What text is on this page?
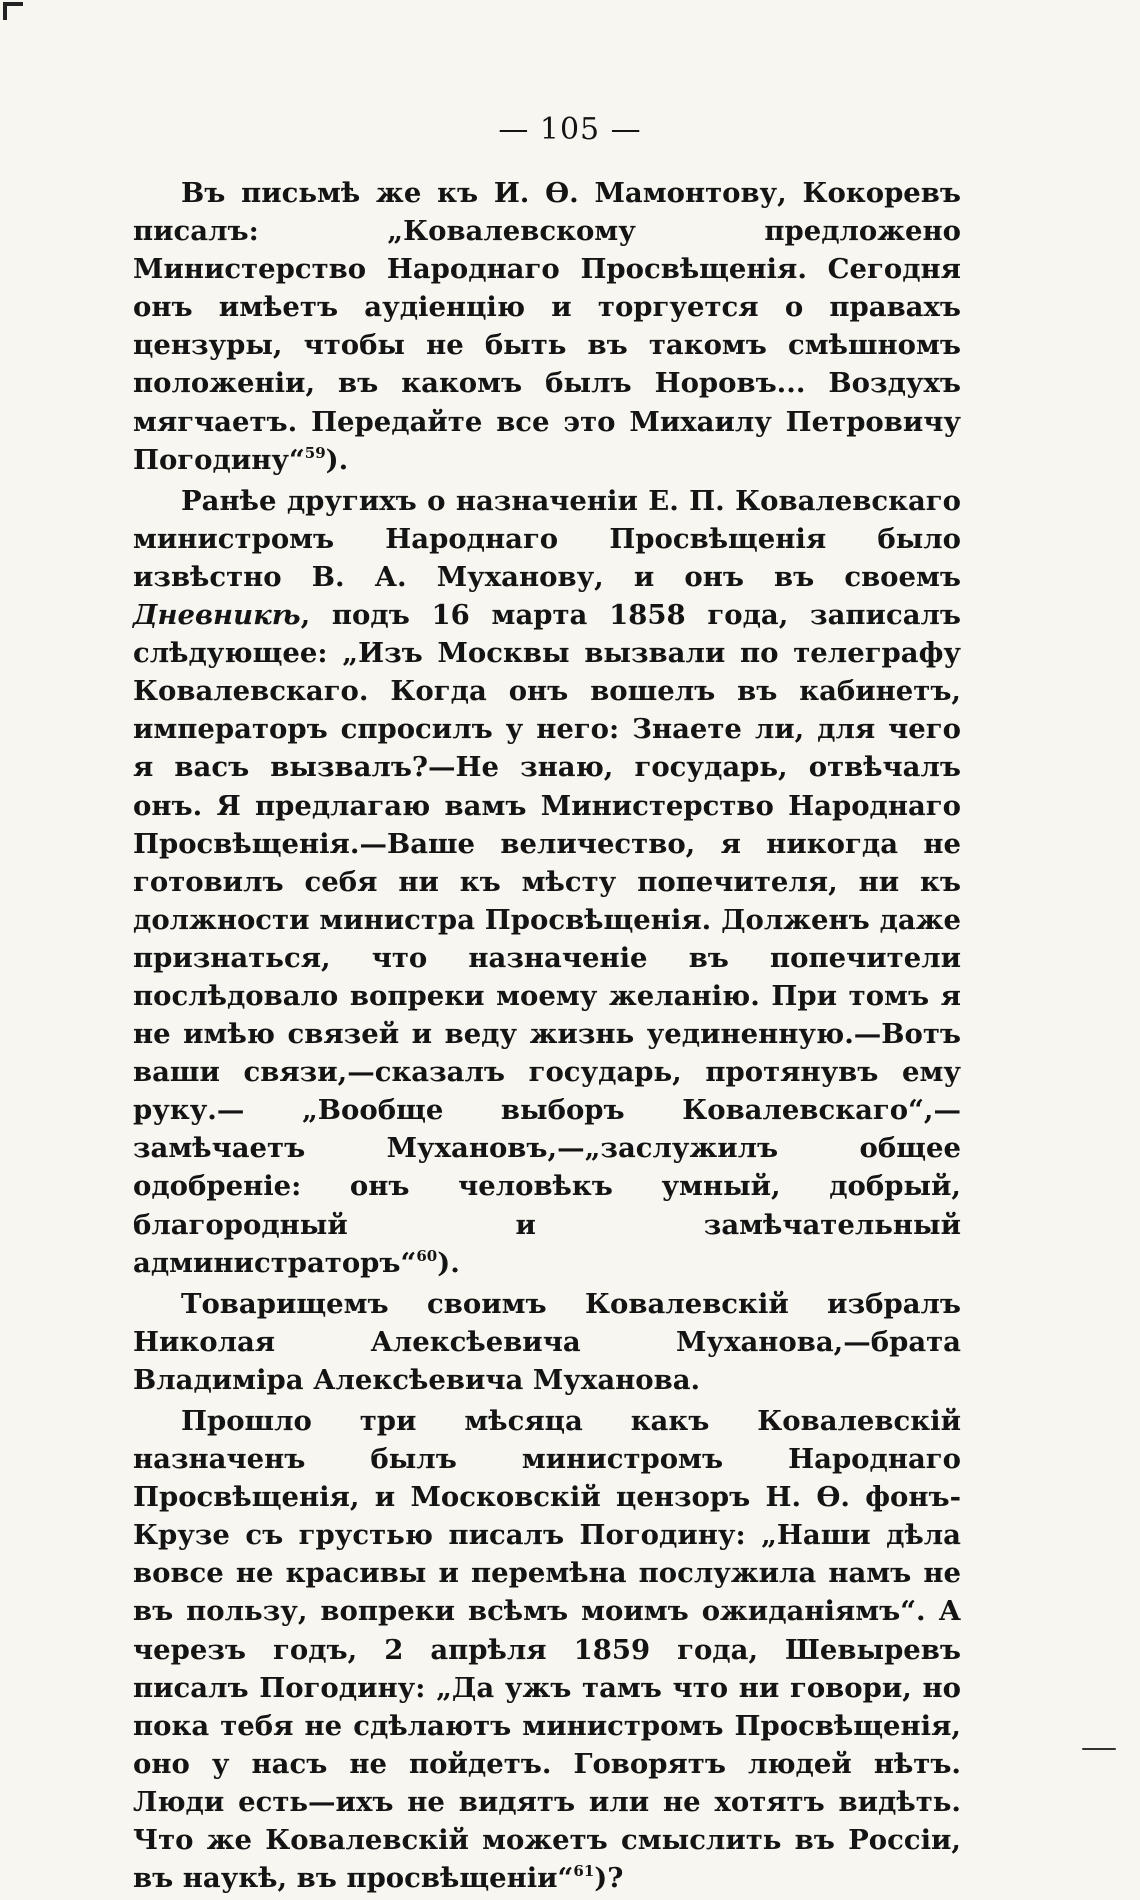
— 105 —

Въ письмѣ же къ И. Ѳ. Мамонтову, Кокоревъ писалъ: „Ковалевскому предложено Министерство Народнаго Просвѣщенія. Сегодня онъ имѣетъ аудіенцію и торгуется о правахъ цензуры, чтобы не быть въ такомъ смѣшномъ положеніи, въ какомъ былъ Норовъ... Воздухъ мягчаетъ. Передайте все это Михаилу Петровичу Погодину“$^{59}$).

Ранѣе другихъ о назначеніи Е. П. Ковалевскаго министромъ Народнаго Просвѣщенія было извѣстно В. А. Муханову, и онъ въ своемъ Дневникѣ, подъ 16 марта 1858 года, записалъ слѣдующее: „Изъ Москвы вызвали по телеграфу Ковалевскаго. Когда онъ вошелъ въ кабинетъ, императоръ спросилъ у него: Знаете ли, для чего я васъ вызвалъ?—Не знаю, государь, отвѣчалъ онъ. Я предлагаю вамъ Министерство Народнаго Просвѣщенія.—Ваше величество, я никогда не готовилъ себя ни къ мѣсту попечителя, ни къ должности министра Просвѣщенія. Долженъ даже признаться, что назначеніе въ попечители послѣдовало вопреки моему желанію. При томъ я не имѣю связей и веду жизнь уединенную.—Вотъ ваши связи,—сказалъ государь, протянувъ ему руку.— „Вообще выборъ Ковалевскаго“,—замѣчаетъ Мухановъ,—„заслужилъ общее одобреніе: онъ человѣкъ умный, добрый, благородный и замѣчательный администраторъ“$^{60}$).

Товарищемъ своимъ Ковалевскій избралъ Николая Алексѣевича Муханова,—брата Владиміра Алексѣевича Муханова.

Прошло три мѣсяца какъ Ковалевскій назначенъ былъ министромъ Народнаго Просвѣщенія, и Московскій цензоръ Н. Ѳ. фонъ-Крузе съ грустью писалъ Погодину: „Наши дѣла вовсе не красивы и перемѣна послужила намъ не въ пользу, вопреки всѣмъ моимъ ожиданіямъ“. А черезъ годъ, 2 апрѣля 1859 года, Шевыревъ писалъ Погодину: „Да ужъ тамъ что ни говори, но пока тебя не сдѣлаютъ министромъ Просвѣщенія, оно у насъ не пойдетъ. Говорятъ людей нѣтъ. Люди есть—ихъ не видятъ или не хотятъ видѣть. Что же Ковалевскій можетъ смыслить въ Россіи, въ наукѣ, въ просвѣщеніи“$^{61}$)?
